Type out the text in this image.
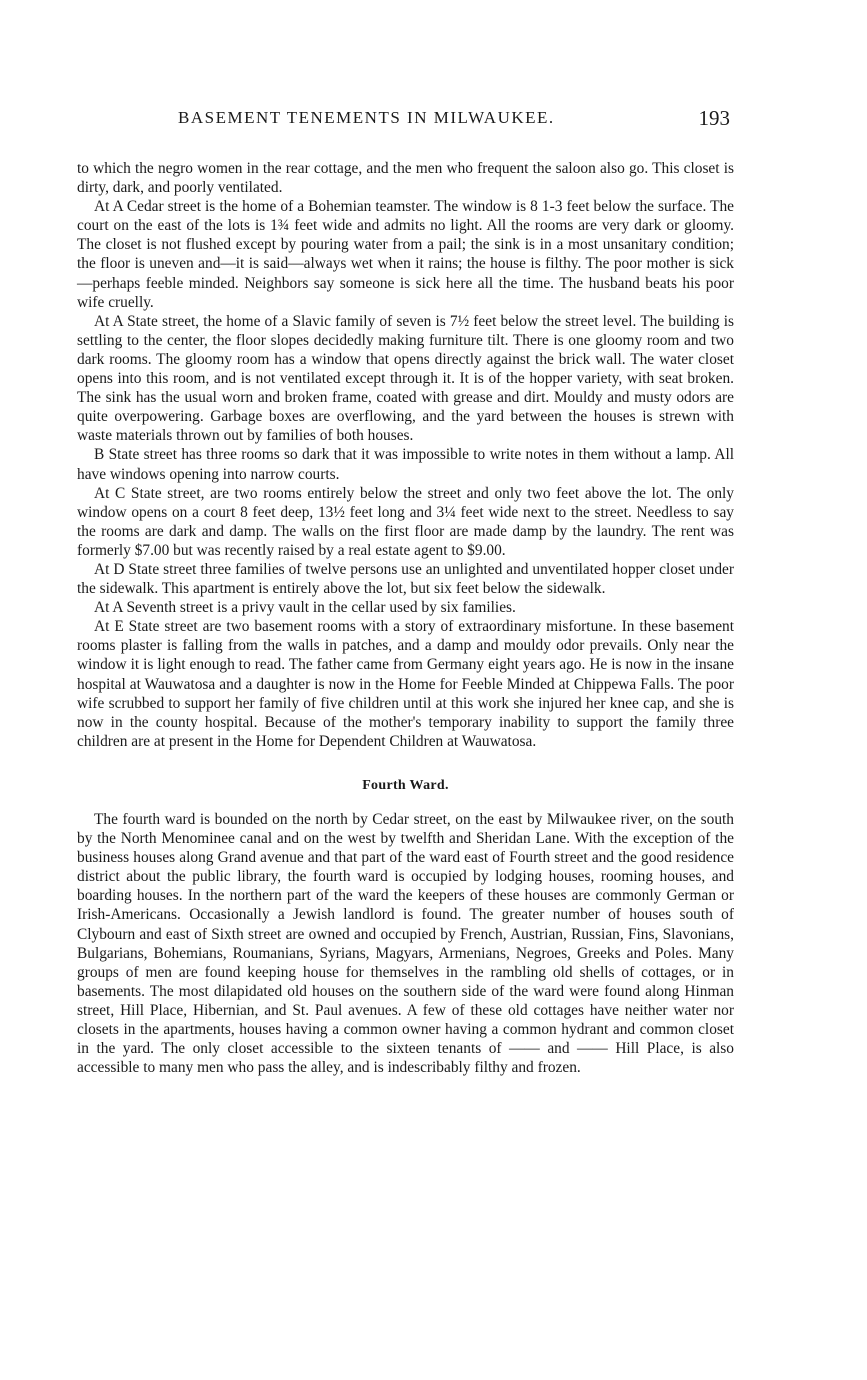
BASEMENT TENEMENTS IN MILWAUKEE.	193

to which the negro women in the rear cottage, and the men who frequent the saloon also go. This closet is dirty, dark, and poorly ventilated.

At A Cedar street is the home of a Bohemian teamster. The window is 8 1-3 feet below the surface. The court on the east of the lots is 1¾ feet wide and admits no light. All the rooms are very dark or gloomy. The closet is not flushed except by pouring water from a pail; the sink is in a most unsanitary condition; the floor is uneven and—it is said—always wet when it rains; the house is filthy. The poor mother is sick—perhaps feeble minded. Neighbors say someone is sick here all the time. The husband beats his poor wife cruelly.

At A State street, the home of a Slavic family of seven is 7½ feet below the street level. The building is settling to the center, the floor slopes decidedly making furniture tilt. There is one gloomy room and two dark rooms. The gloomy room has a window that opens directly against the brick wall. The water closet opens into this room, and is not ventilated except through it. It is of the hopper variety, with seat broken. The sink has the usual worn and broken frame, coated with grease and dirt. Mouldy and musty odors are quite overpowering. Garbage boxes are overflowing, and the yard between the houses is strewn with waste materials thrown out by families of both houses.

B State street has three rooms so dark that it was impossible to write notes in them without a lamp. All have windows opening into narrow courts.

At C State street, are two rooms entirely below the street and only two feet above the lot. The only window opens on a court 8 feet deep, 13½ feet long and 3¼ feet wide next to the street. Needless to say the rooms are dark and damp. The walls on the first floor are made damp by the laundry. The rent was formerly $7.00 but was recently raised by a real estate agent to $9.00.

At D State street three families of twelve persons use an unlighted and unventilated hopper closet under the sidewalk. This apartment is entirely above the lot, but six feet below the sidewalk.

At A Seventh street is a privy vault in the cellar used by six families.

At E State street are two basement rooms with a story of extraordinary misfortune. In these basement rooms plaster is falling from the walls in patches, and a damp and mouldy odor prevails. Only near the window it is light enough to read. The father came from Germany eight years ago. He is now in the insane hospital at Wauwatosa and a daughter is now in the Home for Feeble Minded at Chippewa Falls. The poor wife scrubbed to support her family of five children until at this work she injured her knee cap, and she is now in the county hospital. Because of the mother's temporary inability to support the family three children are at present in the Home for Dependent Children at Wauwatosa.

Fourth Ward.

The fourth ward is bounded on the north by Cedar street, on the east by Milwaukee river, on the south by the North Menominee canal and on the west by twelfth and Sheridan Lane. With the exception of the business houses along Grand avenue and that part of the ward east of Fourth street and the good residence district about the public library, the fourth ward is occupied by lodging houses, rooming houses, and boarding houses. In the northern part of the ward the keepers of these houses are commonly German or Irish-Americans. Occasionally a Jewish landlord is found. The greater number of houses south of Clybourn and east of Sixth street are owned and occupied by French, Austrian, Russian, Fins, Slavonians, Bulgarians, Bohemians, Roumanians, Syrians, Magyars, Armenians, Negroes, Greeks and Poles. Many groups of men are found keeping house for themselves in the rambling old shells of cottages, or in basements. The most dilapidated old houses on the southern side of the ward were found along Hinman street, Hill Place, Hibernian, and St. Paul avenues. A few of these old cottages have neither water nor closets in the apartments, houses having a common owner having a common hydrant and common closet in the yard. The only closet accessible to the sixteen tenants of —— and —— Hill Place, is also accessible to many men who pass the alley, and is indescribably filthy and frozen.
